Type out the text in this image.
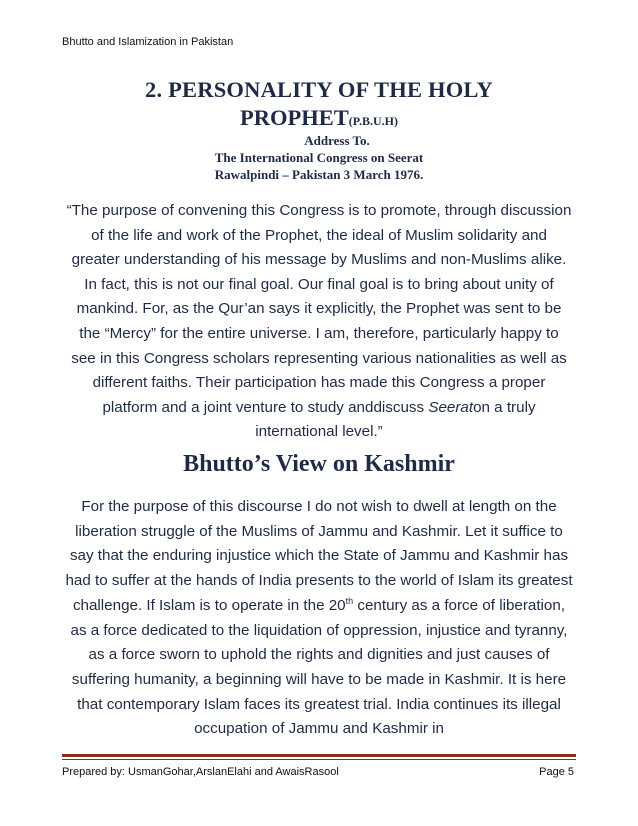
Bhutto and Islamization in Pakistan
2. PERSONALITY OF THE HOLY
PROPHET(P.B.U.H)
Address To.
The International Congress on Seerat
Rawalpindi – Pakistan 3 March 1976.
“The purpose of convening this Congress is to promote, through discussion of the life and work of the Prophet, the ideal of Muslim solidarity and greater understanding of his message by Muslims and non-Muslims alike. In fact, this is not our final goal. Our final goal is to bring about unity of mankind. For, as the Qur’an says it explicitly, the Prophet was sent to be the “Mercy” for the entire universe. I am, therefore, particularly happy to see in this Congress scholars representing various nationalities as well as different faiths. Their participation has made this Congress a proper platform and a joint venture to study anddiscuss Seeraton a truly international level.”
Bhutto’s View on Kashmir
For the purpose of this discourse I do not wish to dwell at length on the liberation struggle of the Muslims of Jammu and Kashmir. Let it suffice to say that the enduring injustice which the State of Jammu and Kashmir has had to suffer at the hands of India presents to the world of Islam its greatest challenge. If Islam is to operate in the 20th century as a force of liberation, as a force dedicated to the liquidation of oppression, injustice and tyranny, as a force sworn to uphold the rights and dignities and just causes of suffering humanity, a beginning will have to be made in Kashmir. It is here that contemporary Islam faces its greatest trial. India continues its illegal occupation of Jammu and Kashmir in
Prepared by: UsmanGohar,ArslanElahi and AwaisRasool	Page 5
